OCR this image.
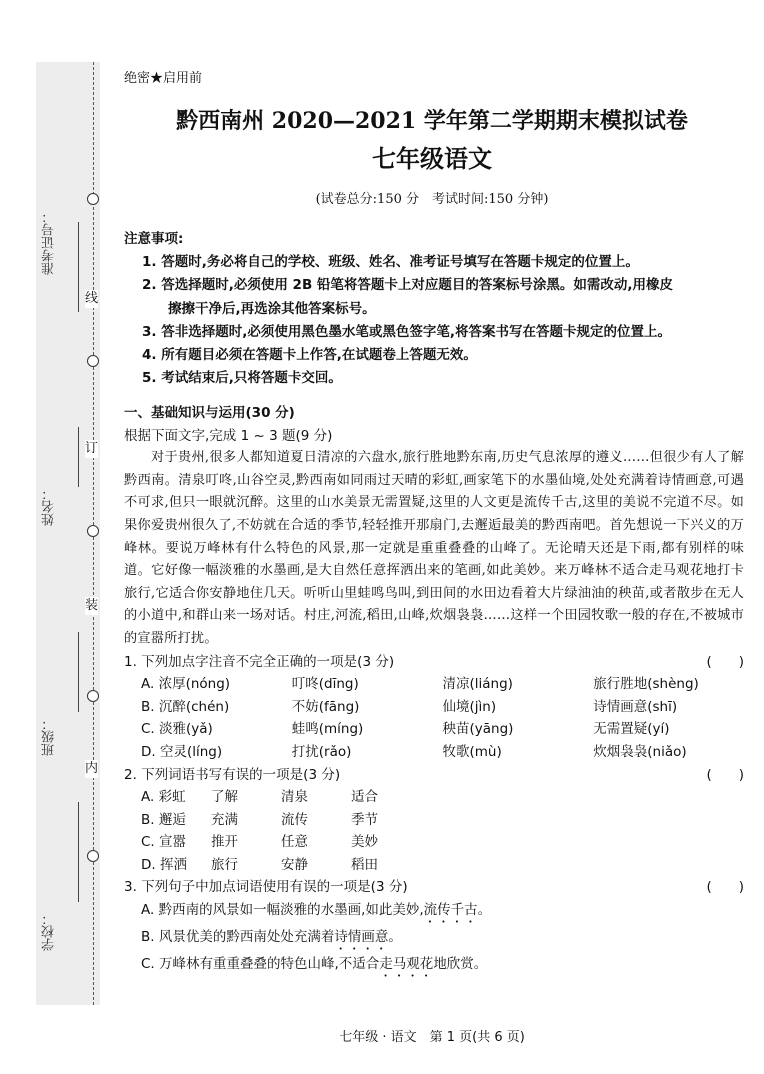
准考证号：
姓名：
班级：
学校：
线
订
装
内
绝密★启用前
黔西南州 2020—2021 学年第二学期期末模拟试卷
七年级语文
(试卷总分:150 分　考试时间:150 分钟)
注意事项:
1. 答题时,务必将自己的学校、班级、姓名、准考证号填写在答题卡规定的位置上。
2. 答选择题时,必须使用 2B 铅笔将答题卡上对应题目的答案标号涂黑。如需改动,用橡皮
擦擦干净后,再选涂其他答案标号。
3. 答非选择题时,必须使用黑色墨水笔或黑色签字笔,将答案书写在答题卡规定的位置上。
4. 所有题目必须在答题卡上作答,在试题卷上答题无效。
5. 考试结束后,只将答题卡交回。
一、基础知识与运用(30 分)
根据下面文字,完成 1 ~ 3 题(9 分)

对于贵州,很多人都知道夏日清凉的六盘水,旅行胜地黔东南,历史气息浓厚的遵义……但很少有人了解黔西南。清泉叮咚,山谷空灵,黔西南如同雨过天晴的彩虹,画家笔下的水墨仙境,处处充满着诗情画意,可遇不可求,但只一眼就沉醉。这里的山水美景无需置疑,这里的人文更是流传千古,这里的美说不完道不尽。如果你爱贵州很久了,不妨就在合适的季节,轻轻推开那扇门,去邂逅最美的黔西南吧。首先想说一下兴义的万峰林。要说万峰林有什么特色的风景,那一定就是重重叠叠的山峰了。无论晴天还是下雨,都有别样的味道。它好像一幅淡雅的水墨画,是大自然任意挥洒出来的笔画,如此美妙。来万峰林不适合走马观花地打卡旅行,它适合你安静地住几天。听听山里蛙鸣鸟叫,到田间的水田边看着大片绿油油的秧苗,或者散步在无人的小道中,和群山来一场对话。村庄,河流,稻田,山峰,炊烟袅袅……这样一个田园牧歌一般的存在,不被城市的宣嚣所打扰。

1. 下列加点字注音不完全正确的一项是(3 分)	(　　)
A. 浓厚(nóng)	叮咚(dīng)	清凉(liáng)	旅行胜地(shèng)
B. 沉醉(chén)	不妨(fāng)	仙境(jìn)	诗情画意(shī)
C. 淡雅(yǎ)	蛙鸣(míng)	秧苗(yāng)	无需置疑(yí)
D. 空灵(líng)	打扰(rǎo)	牧歌(mù)	炊烟袅袅(niǎo)
2. 下列词语书写有误的一项是(3 分)	(　　)
A. 彩虹	了解	清泉	适合
B. 邂逅	充满	流传	季节
C. 宣嚣	推开	任意	美妙
D. 挥洒	旅行	安静	稻田
3. 下列句子中加点词语使用有误的一项是(3 分)	(　　)
A. 黔西南的风景如一幅淡雅的水墨画,如此美妙,流传千古。
B. 风景优美的黔西南处处充满着诗情画意。
C. 万峰林有重重叠叠的特色山峰,不适合走马观花地欣赏。
七年级 · 语文　第 1 页(共 6 页)
